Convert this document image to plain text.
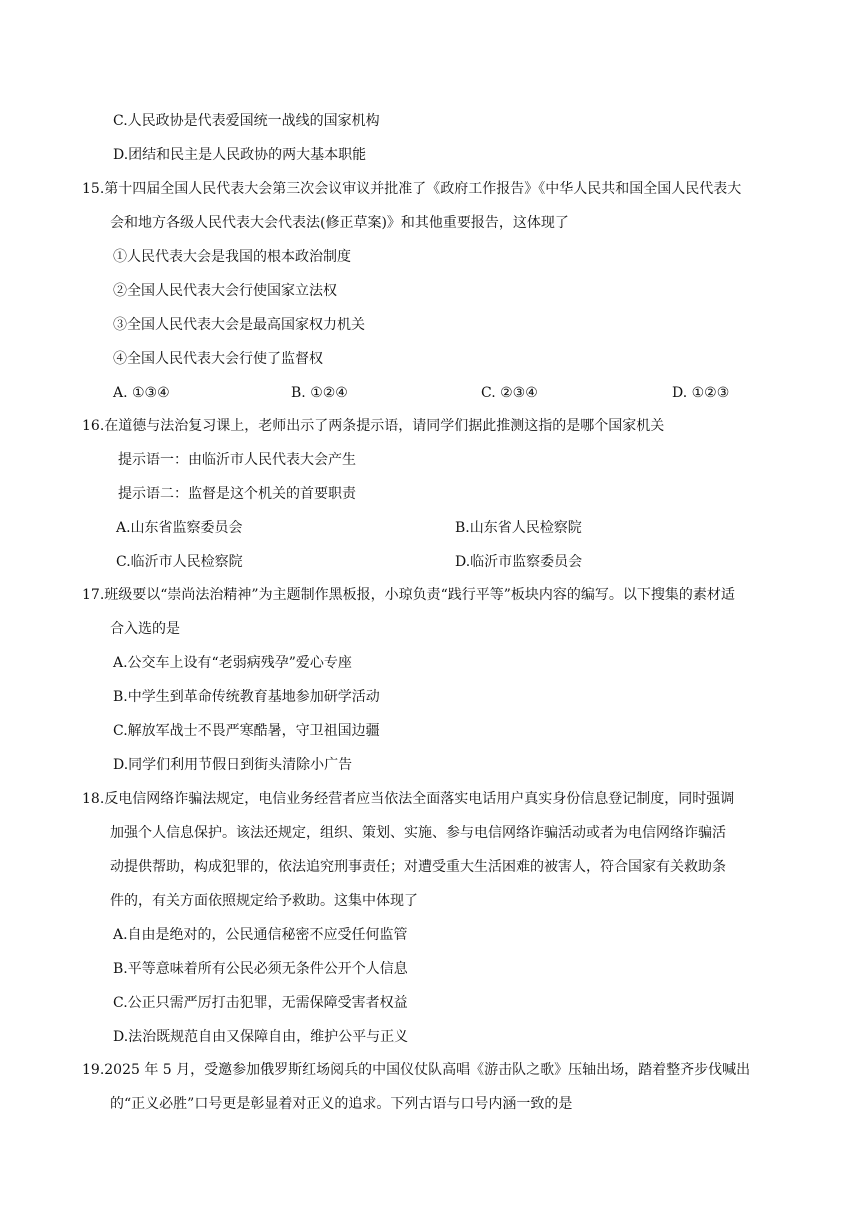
C.人民政协是代表爱国统一战线的国家机构
D.团结和民主是人民政协的两大基本职能
15.第十四届全国人民代表大会第三次会议审议并批准了《政府工作报告》《中华人民共和国全国人民代表大
会和地方各级人民代表大会代表法(修正草案)》和其他重要报告，这体现了
①人民代表大会是我国的根本政治制度
②全国人民代表大会行使国家立法权
③全国人民代表大会是最高国家权力机关
④全国人民代表大会行使了监督权
A. ①③④	B. ①②④	C. ②③④	D. ①②③
16.在道德与法治复习课上，老师出示了两条提示语，请同学们据此推测这指的是哪个国家机关
提示语一：由临沂市人民代表大会产生
提示语二：监督是这个机关的首要职责
A.山东省监察委员会	B.山东省人民检察院
C.临沂市人民检察院	D.临沂市监察委员会
17.班级要以“崇尚法治精神”为主题制作黑板报，小琼负责“践行平等”板块内容的编写。以下搜集的素材适
合入选的是
A.公交车上设有“老弱病残孕”爱心专座
B.中学生到革命传统教育基地参加研学活动
C.解放军战士不畏严寒酷暑，守卫祖国边疆
D.同学们利用节假日到街头清除小广告
18.反电信网络诈骗法规定，电信业务经营者应当依法全面落实电话用户真实身份信息登记制度，同时强调
加强个人信息保护。该法还规定，组织、策划、实施、参与电信网络诈骗活动或者为电信网络诈骗活
动提供帮助，构成犯罪的，依法追究刑事责任；对遭受重大生活困难的被害人，符合国家有关救助条
件的，有关方面依照规定给予救助。这集中体现了
A.自由是绝对的，公民通信秘密不应受任何监管
B.平等意味着所有公民必须无条件公开个人信息
C.公正只需严厉打击犯罪，无需保障受害者权益
D.法治既规范自由又保障自由，维护公平与正义
19.2025 年 5 月，受邀参加俄罗斯红场阅兵的中国仪仗队高唱《游击队之歌》压轴出场，踏着整齐步伐喊出
的“正义必胜”口号更是彰显着对正义的追求。下列古语与口号内涵一致的是
